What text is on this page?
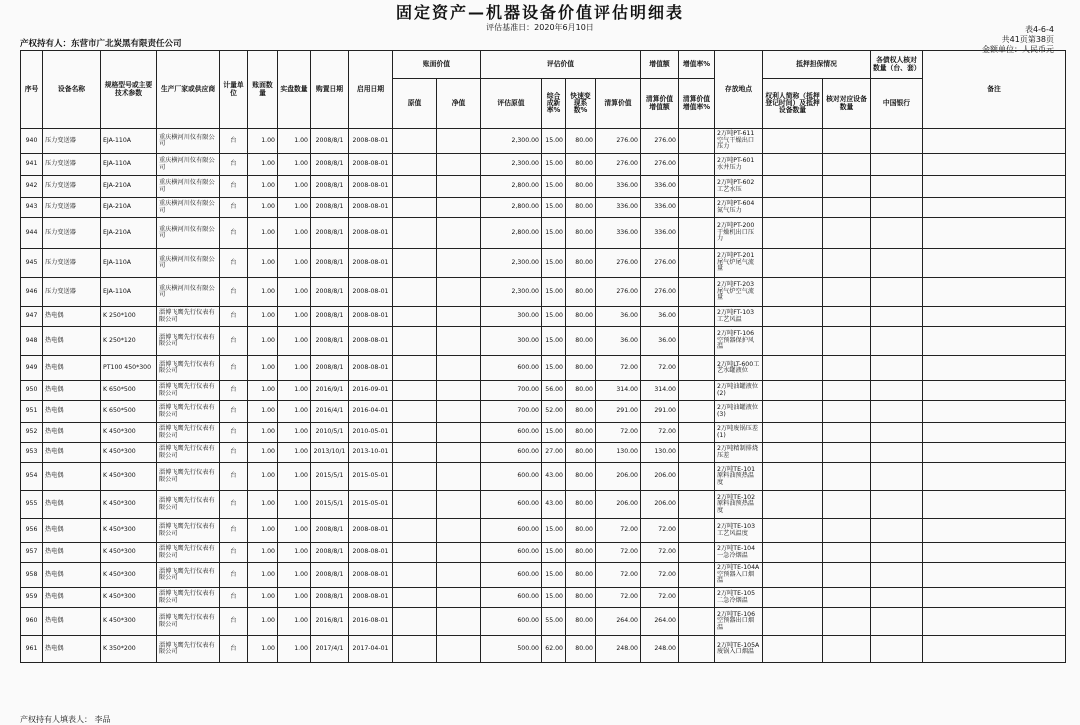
固定资产—机器设备价值评估明细表
评估基准日：2020年6月10日	表4-6-4
共41页第38页
金额单位：人民币元
产权持有人：东营市广北炭黑有限责任公司
序号	设备名称	规格型号或主要技术参数	生产厂家或供应商	计量单位	账面数量	实盘数量	购置日期	启用日期	账面价值		评估价值				增值额	增值率%	存放地点	抵押担保情况		各债权人核对数量（台、套）	备注
									原值	净值	评估原值	综合成新率%	快速变现系数%	清算价值	清算价值增值额	清算价值增值率%		权利人简称（抵押登记时间）及抵押设备数量	核对对应设备数量	中国银行	
940	压力变送器	EJA-110A	重庆横河川仪有限公司	台	1.00	1.00	2008/8/1	2008-08-01			2,300.00	15.00	80.00	276.00	276.00		2万吨PT-611空气干燥出口压力				
941	压力变送器	EJA-110A	重庆横河川仪有限公司	台	1.00	1.00	2008/8/1	2008-08-01			2,300.00	15.00	80.00	276.00	276.00		2万吨PT-601水井压力				
942	压力变送器	EJA-210A	重庆横河川仪有限公司	台	1.00	1.00	2008/8/1	2008-08-01			2,800.00	15.00	80.00	336.00	336.00		2万吨PT-602工艺水压				
943	压力变送器	EJA-210A	重庆横河川仪有限公司	台	1.00	1.00	2008/8/1	2008-08-01			2,800.00	15.00	80.00	336.00	336.00		2万吨PT-604氮气压力				
944	压力变送器	EJA-210A	重庆横河川仪有限公司	台	1.00	1.00	2008/8/1	2008-08-01			2,800.00	15.00	80.00	336.00	336.00		2万吨PT-200干燥机出口压力				
945	压力变送器	EJA-110A	重庆横河川仪有限公司	台	1.00	1.00	2008/8/1	2008-08-01			2,300.00	15.00	80.00	276.00	276.00		2万吨PT-201尾气炉尾气流量				
946	压力变送器	EJA-110A	重庆横河川仪有限公司	台	1.00	1.00	2008/8/1	2008-08-01			2,300.00	15.00	80.00	276.00	276.00		2万吨FT-203尾气炉空气流量				
947	热电偶	K 250*100	淄博飞鹰先行仪表有限公司	台	1.00	1.00	2008/8/1	2008-08-01			300.00	15.00	80.00	36.00	36.00		2万吨FT-103工艺风温				
948	热电偶	K 250*120	淄博飞鹰先行仪表有限公司	台	1.00	1.00	2008/8/1	2008-08-01			300.00	15.00	80.00	36.00	36.00		2万吨FT-106空预器保护风温				
949	热电偶	PT100 450*300	淄博飞鹰先行仪表有限公司	台	1.00	1.00	2008/8/1	2008-08-01			600.00	15.00	80.00	72.00	72.00		2万吨LT-600工艺水罐液位				
950	热电偶	K 650*500	淄博飞鹰先行仪表有限公司	台	1.00	1.00	2016/9/1	2016-09-01			700.00	56.00	80.00	314.00	314.00		2万吨油罐液位(2)				
951	热电偶	K 650*500	淄博飞鹰先行仪表有限公司	台	1.00	1.00	2016/4/1	2016-04-01			700.00	52.00	80.00	291.00	291.00		2万吨油罐液位(3)				
952	热电偶	K 450*300	淄博飞鹰先行仪表有限公司	台	1.00	1.00	2010/5/1	2010-05-01			600.00	15.00	80.00	72.00	72.00		2万吨废锅压差(1)				
953	热电偶	K 450*300	淄博飞鹰先行仪表有限公司	台	1.00	1.00	2013/10/1	2013-10-01			600.00	27.00	80.00	130.00	130.00		2万吨精制排烧压差				
954	热电偶	K 450*300	淄博飞鹰先行仪表有限公司	台	1.00	1.00	2015/5/1	2015-05-01			600.00	43.00	80.00	206.00	206.00		2万吨TE-101原料油预热温度				
955	热电偶	K 450*300	淄博飞鹰先行仪表有限公司	台	1.00	1.00	2015/5/1	2015-05-01			600.00	43.00	80.00	206.00	206.00		2万吨TE-102原料油预热温度				
956	热电偶	K 450*300	淄博飞鹰先行仪表有限公司	台	1.00	1.00	2008/8/1	2008-08-01			600.00	15.00	80.00	72.00	72.00		2万吨TE-103工艺风温度				
957	热电偶	K 450*300	淄博飞鹰先行仪表有限公司	台	1.00	1.00	2008/8/1	2008-08-01			600.00	15.00	80.00	72.00	72.00		2万吨TE-104一急冷烟温				
958	热电偶	K 450*300	淄博飞鹰先行仪表有限公司	台	1.00	1.00	2008/8/1	2008-08-01			600.00	15.00	80.00	72.00	72.00		2万吨TE-104A空预器入口烟温				
959	热电偶	K 450*300	淄博飞鹰先行仪表有限公司	台	1.00	1.00	2008/8/1	2008-08-01			600.00	15.00	80.00	72.00	72.00		2万吨TE-105二急冷烟温				
960	热电偶	K 450*300	淄博飞鹰先行仪表有限公司	台	1.00	1.00	2016/8/1	2016-08-01			600.00	55.00	80.00	264.00	264.00		2万吨TE-106空预器出口烟温				
961	热电偶	K 350*200	淄博飞鹰先行仪表有限公司	台	1.00	1.00	2017/4/1	2017-04-01			500.00	62.00	80.00	248.00	248.00		2万吨TE-105A废锅入口烟温				
产权持有人填表人： 李品
